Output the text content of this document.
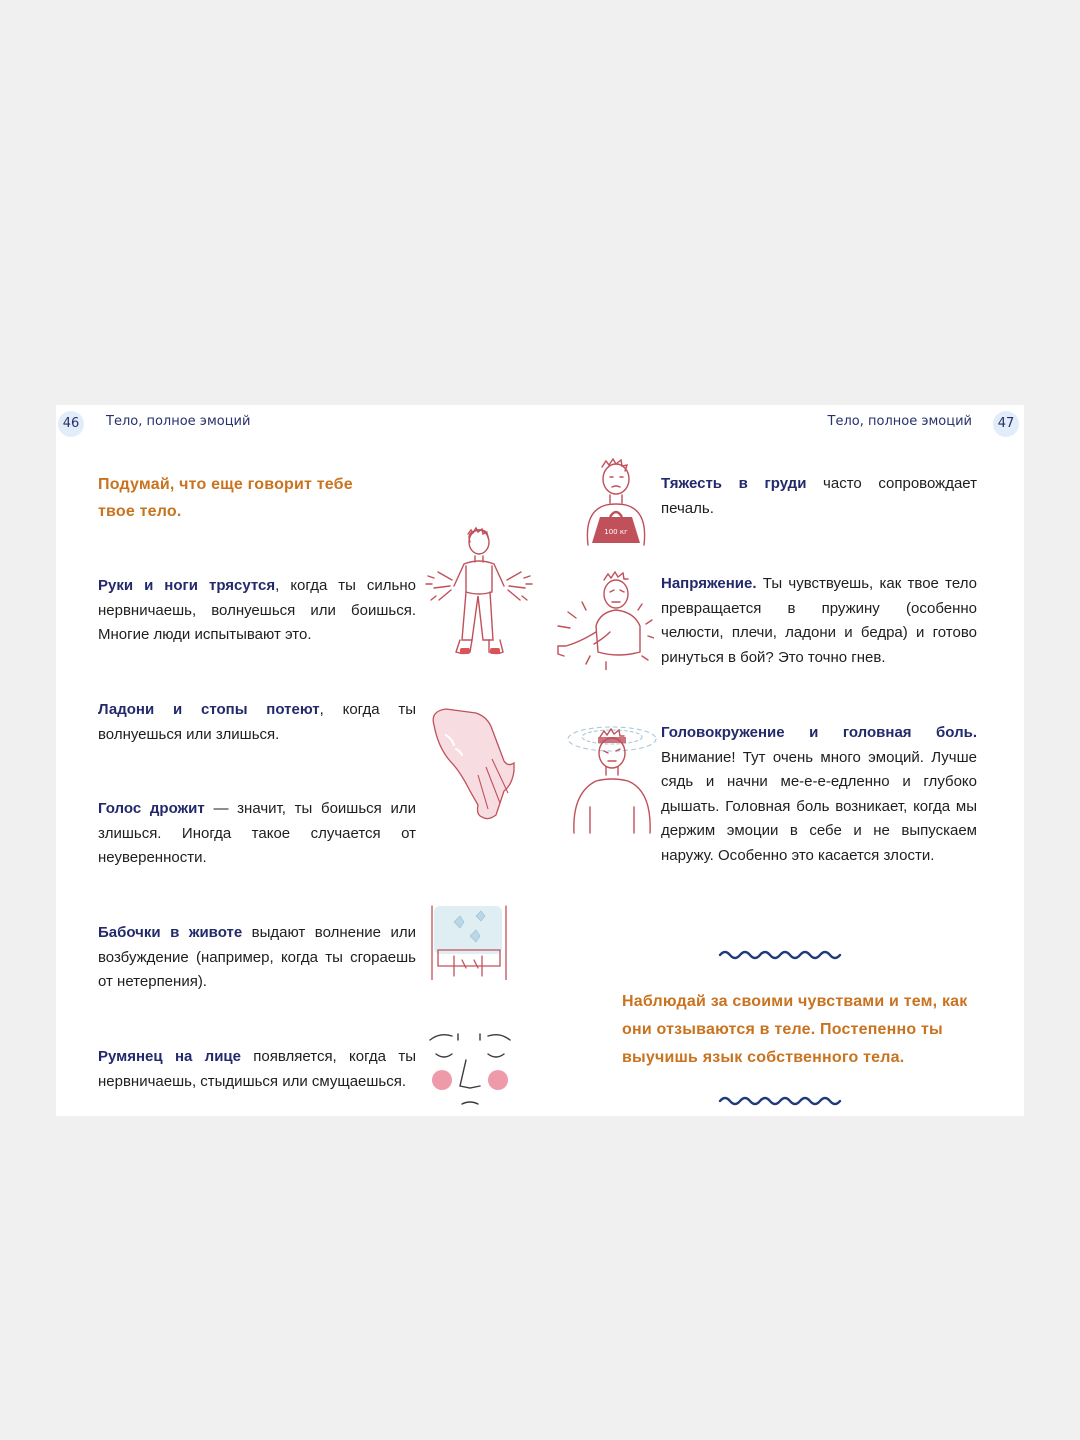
46	Тело, полное эмоций	Тело, полное эмоций	47
Подумай, что еще говорит тебе твое тело.
Руки и ноги трясутся, когда ты сильно нервничаешь, волнуешься или боишься. Многие люди испытывают это.
Ладони и стопы потеют, когда ты волнуешься или злишься.
Голос дрожит — значит, ты боишься или злишься. Иногда такое случается от неуверенности.
Бабочки в животе выдают волнение или возбуждение (например, когда ты сгораешь от нетерпения).
Румянец на лице появляется, когда ты нервничаешь, стыдишься или смущаешься.
Тяжесть в груди часто сопровождает печаль.
Напряжение. Ты чувствуешь, как твое тело превращается в пружину (особенно челюсти, плечи, ладони и бедра) и готово ринуться в бой? Это точно гнев.
Головокружение и головная боль. Внимание! Тут очень много эмоций. Лучше сядь и начни ме-е-е-едленно и глубоко дышать. Головная боль возникает, когда мы держим эмоции в себе и не выпускаем наружу. Особенно это касается злости.
Наблюдай за своими чувствами и тем, как они отзываются в теле. Постепенно ты выучишь язык собственного тела.
100 кг
